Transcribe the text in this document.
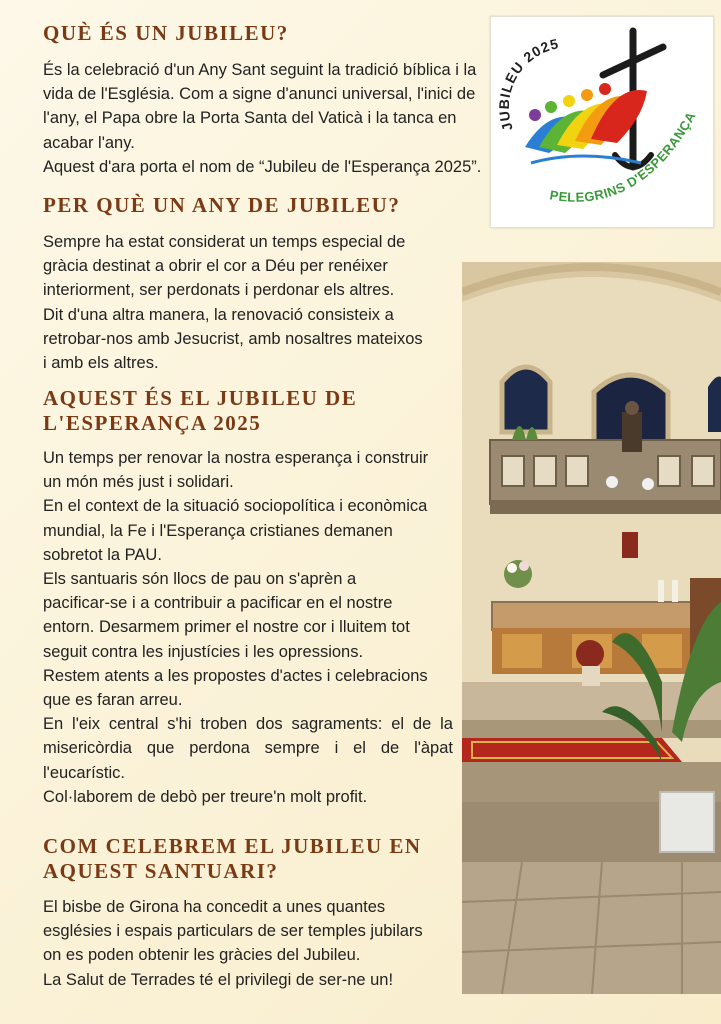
QUÈ ÉS UN JUBILEU?
És la celebració d'un Any Sant seguint la tradició bíblica i la
vida de l'Església. Com a signe d'anunci universal, l'inici de
l'any, el Papa obre la Porta Santa del Vaticà i la tanca en
acabar l'any.
Aquest d'ara porta el nom de “Jubileu de l'Esperança 2025”.
PER QUÈ UN ANY DE JUBILEU?
Sempre ha estat considerat un temps especial de
gràcia destinat a obrir el cor a Déu per renéixer
interiorment, ser perdonats i perdonar els altres.
Dit d'una altra manera, la renovació consisteix a
retrobar-nos amb Jesucrist, amb nosaltres mateixos
i amb els altres.
AQUEST ÉS EL JUBILEU DE
L'ESPERANÇA 2025
Un temps per renovar la nostra esperança i construir
un món més just i solidari.
En el context de la situació sociopolítica i econòmica
mundial, la Fe i l'Esperança cristianes demanen
sobretot la PAU.
Els santuaris són llocs de pau on s'aprèn a
pacificar-se i a contribuir a pacificar en el nostre
entorn. Desarmem primer el nostre cor i lluitem tot
seguit contra les injustícies i les opressions.
Restem atents a les propostes d'actes i celebracions
que es faran arreu.
En l'eix central s'hi troben dos sagraments: el de la
misericòrdia que perdona sempre i el de l'àpat
l'eucarístic.
Col·laborem de debò per treure'n molt profit.
COM CELEBREM EL JUBILEU EN
AQUEST SANTUARI?
El bisbe de Girona ha concedit a unes quantes
esglésies i espais particulars de ser temples jubilars
on es poden obtenir les gràcies del Jubileu.
La Salut de Terrades té el privilegi de ser-ne un!
JUBILEU 2025
PELEGRINS D'ESPERANÇA
